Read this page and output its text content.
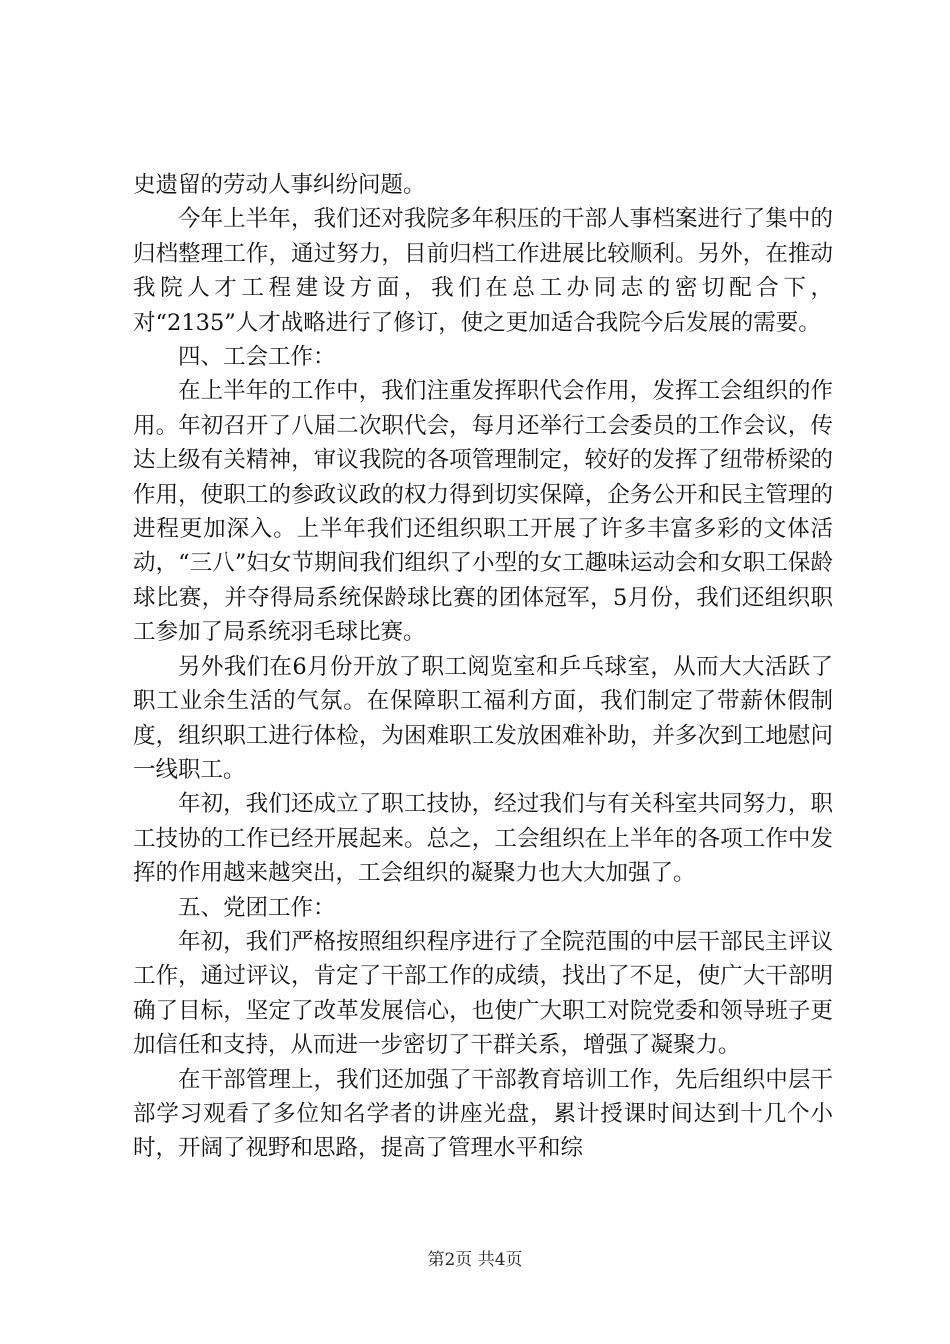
史遗留的劳动人事纠纷问题。

今年上半年，我们还对我院多年积压的干部人事档案进行了集中的归档整理工作，通过努力，目前归档工作进展比较顺利。另外，在推动我院人才工程建设方面，我们在总工办同志的密切配合下，对“2135”人才战略进行了修订，使之更加适合我院今后发展的需要。

四、工会工作：

在上半年的工作中，我们注重发挥职代会作用，发挥工会组织的作用。年初召开了八届二次职代会，每月还举行工会委员的工作会议，传达上级有关精神，审议我院的各项管理制定，较好的发挥了纽带桥梁的作用，使职工的参政议政的权力得到切实保障，企务公开和民主管理的进程更加深入。上半年我们还组织职工开展了许多丰富多彩的文体活动，“三八”妇女节期间我们组织了小型的女工趣味运动会和女职工保龄球比赛，并夺得局系统保龄球比赛的团体冠军，5月份，我们还组织职工参加了局系统羽毛球比赛。

另外我们在6月份开放了职工阅览室和乒乓球室，从而大大活跃了职工业余生活的气氛。在保障职工福利方面，我们制定了带薪休假制度，组织职工进行体检，为困难职工发放困难补助，并多次到工地慰问一线职工。

年初，我们还成立了职工技协，经过我们与有关科室共同努力，职工技协的工作已经开展起来。总之，工会组织在上半年的各项工作中发挥的作用越来越突出，工会组织的凝聚力也大大加强了。

五、党团工作：

年初，我们严格按照组织程序进行了全院范围的中层干部民主评议工作，通过评议，肯定了干部工作的成绩，找出了不足，使广大干部明确了目标，坚定了改革发展信心，也使广大职工对院党委和领导班子更加信任和支持，从而进一步密切了干群关系，增强了凝聚力。

在干部管理上，我们还加强了干部教育培训工作，先后组织中层干部学习观看了多位知名学者的讲座光盘，累计授课时间达到十几个小时，开阔了视野和思路，提高了管理水平和综

第2页 共4页
